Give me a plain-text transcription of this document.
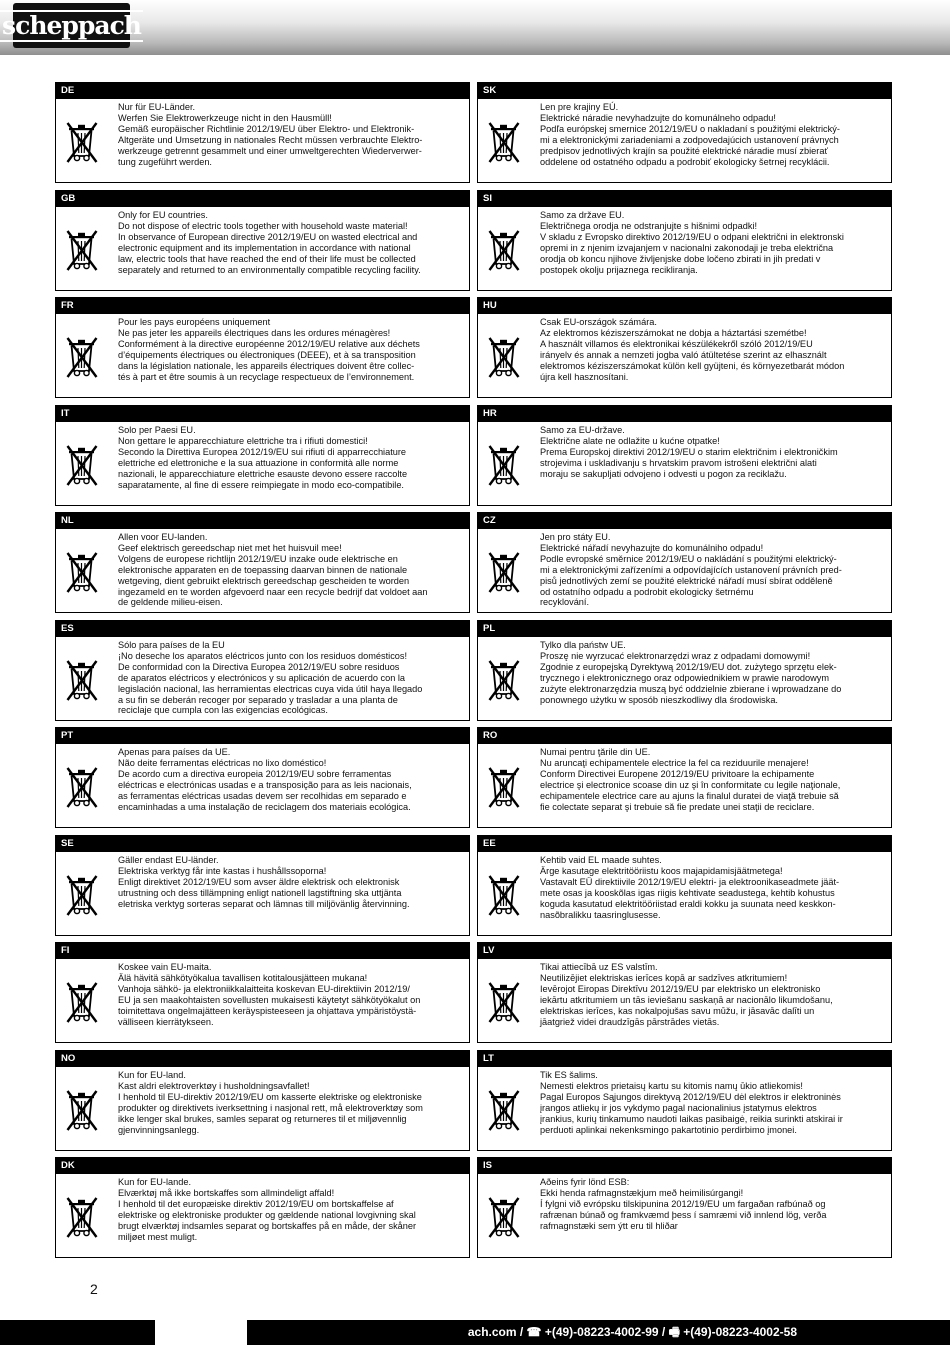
scheppach
DE
Nur für EU-Länder.
Werfen Sie Elektrowerkzeuge nicht in den Hausmüll!
Gemäß europäischer Richtlinie 2012/19/EU über Elektro- und Elektronik-
Altgeräte und Umsetzung in nationales Recht müssen verbrauchte Elektro-
werkzeuge getrennt gesammelt und einer umweltgerechten Wiederverwer-
tung zugeführt werden.
GB
Only for EU countries.
Do not dispose of electric tools together with household waste material!
In observance of European directive 2012/19/EU on wasted electrical and
electronic equipment and its implementation in accordance with national
law, electric tools that have reached the end of their life must be collected
separately and returned to an environmentally compatible recycling facility.
FR
Pour les pays européens uniquement
Ne pas jeter les appareils électriques dans les ordures ménagères!
Conformément à la directive européenne 2012/19/EU relative aux déchets
d’équipements électriques ou électroniques (DEEE), et à sa transposition
dans la législation nationale, les appareils électriques doivent être collec-
tés à part et être soumis à un recyclage respectueux de l’environnement.
IT
Solo per Paesi EU.
Non gettare le apparecchiature elettriche tra i rifiuti domestici!
Secondo la Direttiva Europea 2012/19/EU sui rifiuti di apparrecchiature
elettriche ed elettroniche e la sua attuazione in conformità alle norme
nazionali, le apparecchiature elettriche esauste devono essere raccolte
saparatamente, al fine di essere reimpiegate in modo eco-compatibile.
NL
Allen voor EU-landen.
Geef elektrisch gereedschap niet met het huisvuil mee!
Volgens de europese richtlijn 2012/19/EU inzake oude elektrische en
elektronische apparaten en de toepassing daarvan binnen de nationale
wetgeving, dient gebruikt elektrisch gereedschap gescheiden te worden
ingezameld en te worden afgevoerd naar een recycle bedrijf dat voldoet aan
de geldende milieu-eisen.
ES
Sólo para países de la EU
¡No deseche los aparatos eléctricos junto con los residuos domésticos!
De conformidad con la Directiva Europea 2012/19/EU sobre residuos
de aparatos eléctricos y electrónicos y su aplicación de acuerdo con la
legislación nacional, las herramientas electricas cuya vida útil haya llegado
a su fin se deberán recoger por separado y trasladar a una planta de
reciclaje que cumpla con las exigencias ecológicas.
PT
Apenas para países da UE.
Não deite ferramentas eléctricas no lixo doméstico!
De acordo cum a directiva europeia 2012/19/EU sobre ferramentas
eléctricas e electrónicas usadas e a transposição para as leis nacionais,
as ferramentas eléctricas usadas devem ser recolhidas em separado e
encaminhadas a uma instalação de reciclagem dos materiais ecológica.
SE
Gäller endast EU-länder.
Elektriska verktyg får inte kastas i hushållssoporna!
Enligt direktivet 2012/19/EU som avser äldre elektrisk och elektronisk
utrustning och dess tillämpning enligt nationell lagstiftning ska uttjänta
eletriska verktyg sorteras separat och lämnas till miljövänlig återvinning.
FI
Koskee vain EU-maita.
Älä hävitä sähkötyökalua tavallisen kotitalousjätteen mukana!
Vanhoja sähkö- ja elektroniikkalaitteita koskevan EU-direktiivin 2012/19/
EU ja sen maakohtaisten sovellusten mukaisesti käytetyt sähkötyökalut on
toimitettava ongelmajätteen keräyspisteeseen ja ohjattava ympäristöystä-
välliseen kierrätykseen.
NO
Kun for EU-land.
Kast aldri elektroverktøy i husholdningsavfallet!
I henhold til EU-direktiv 2012/19/EU om kasserte elektriske og elektroniske
produkter og direktivets iverksettning i nasjonal rett, må elektroverktøy som
ikke lenger skal brukes, samles separat og returneres til et miljøvennlig
gjenvinningsanlegg.
DK
Kun for EU-lande.
Elværktøj må ikke bortskaffes som allmindeligt affald!
I henhold til det europæiske direktiv 2012/19/EU om bortskaffelse af
elektriske og elektroniske produkter og gældende national lovgivning skal
brugt elværktøj indsamles separat og bortskaffes på en måde, der skåner
miljøet mest muligt.
SK
Len pre krajiny EÚ.
Elektrické náradie nevyhadzujte do komunálneho odpadu!
Podľa európskej smernice 2012/19/EU o nakladaní s použitými elektrický-
mi a elektronickými zariadeniami a zodpovedajúcich ustanovení právnych
predpisov jednotlivých krajín sa použité elektrické náradie musí zbierať
oddelene od ostatného odpadu a podrobiť ekologicky šetrnej recyklácii.
SI
Samo za države EU.
Električnega orodja ne odstranjujte s hišnimi odpadki!
V skladu z Evropsko direktivo 2012/19/EU o odpani električni in elektronski
opremi in z njenim izvajanjem v nacionalni zakonodaji je treba električna
orodja ob koncu njihove življenjske dobe ločeno zbirati in jih predati v
postopek okolju prijaznega recikliranja.
HU
Csak EU-országok számára.
Az elektromos kéziszerszámokat ne dobja a háztartási szemétbe!
A használt villamos és elektronikai készülékekről szóló 2012/19/EU
irányelv és annak a nemzeti jogba való átültetése szerint az elhasznált
elektromos kéziszerszámokat külön kell gyüjteni, és környezetbarát módon
újra kell hasznosítani.
HR
Samo za EU-države.
Električne alate ne odlažite u kućne otpatke!
Prema Europskoj direktivi 2012/19/EU o starim električnim i elektroničkim
strojevima i uskladivanju s hrvatskim pravom istrošeni električni alati
moraju se sakupljati odvojeno i odvesti u pogon za reciklažu.
CZ
Jen pro státy EU.
Elektrické nářadí nevyhazujte do komunálniho odpadu!
Podle evropské směrnice 2012/19/EU o nakládání s použitými elektrický-
mi a elektronickými zařízeními a odpovídajících ustanovení právních pred-
pisů jednotlivých zemí se použité elektrické nářadí musí sbírat odděleně
od ostatního odpadu a podrobit ekologicky šetrnému
recyklování.
PL
Tylko dla państw UE.
Proszę nie wyrzucać elektronarzędzi wraz z odpadami domowymi!
Zgodnie z europejską Dyrektywą 2012/19/EU dot. zużytego sprzętu elek-
trycznego i elektronicznego oraz odpowiednikiem w prawie narodowym
zużyte elektronarzędzia muszą być oddzielnie zbierane i wprowadzane do
ponownego użytku w sposób nieszkodliwy dla środowiska.
RO
Numai pentru ţările din UE.
Nu aruncaţi echipamentele electrice la fel ca reziduurile menajere!
Conform Directivei Europene 2012/19/EU privitoare la echipamente
electrice şi electronice scoase din uz şi în conformitate cu legile naţionale,
echipamentele electrice care au ajuns la finalul duratei de viaţă trebuie să
fie colectate separat şi trebuie să fie predate unei staţii de reciclare.
EE
Kehtib vaid EL maade suhtes.
Ärge kasutage elektritööriistu koos majapidamisjäätmetega!
Vastavalt EÜ direktiivile 2012/19/EU elektri- ja elektroonikaseadmete jäät-
mete osas ja kooskõlas igas riigis kehtivate seadustega, kehtib kohustus
koguda kasutatud elektritööriistad eraldi kokku ja suunata need keskkon-
nasõbralikku taasringlusesse.
LV
Tikai attiecībā uz ES valstīm.
Neutilizējiet elektriskas ierīces kopā ar sadzīves atkritumiem!
Ievērojot Eiropas Direktīvu 2012/19/EU par elektrisko un elektronisko
iekārtu atkritumiem un tās ieviešanu saskaņā ar nacionālo likumdošanu,
elektriskas ierīces, kas nokalpojušas savu mūžu, ir jāsavāc dalīti un
jāatgriež videi draudzīgās pārstrādes vietās.
LT
Tik ES šalims.
Nemesti elektros prietaisų kartu su kitomis namų ūkio atliekomis!
Pagal Europos Sąjungos direktyvą 2012/19/EU dėl elektros ir elektroninės
įrangos atliekų ir jos vykdymo pagal nacionalinius įstatymus elektros
įrankius, kurių tinkamumo naudoti laikas pasibaigė, reikia surinkti atskirai ir
perduoti aplinkai nekenksmingo pakartotinio perdirbimo įmonei.
IS
Aðeins fyrir lönd ESB:
Ekki henda rafmagnstækjum með heimilisúrgangi!
Í fylgni við evrópsku tilskipunina 2012/19/EU um fargaðan rafbúnað og
rafrænan búnað og framkvæmd þess í samræmi við innlend lög, verða
rafmagnstæki sem ýtt eru til hliðar
2
ach.com / ☎ +(49)-08223-4002-99 / 🖷 +(49)-08223-4002-58
